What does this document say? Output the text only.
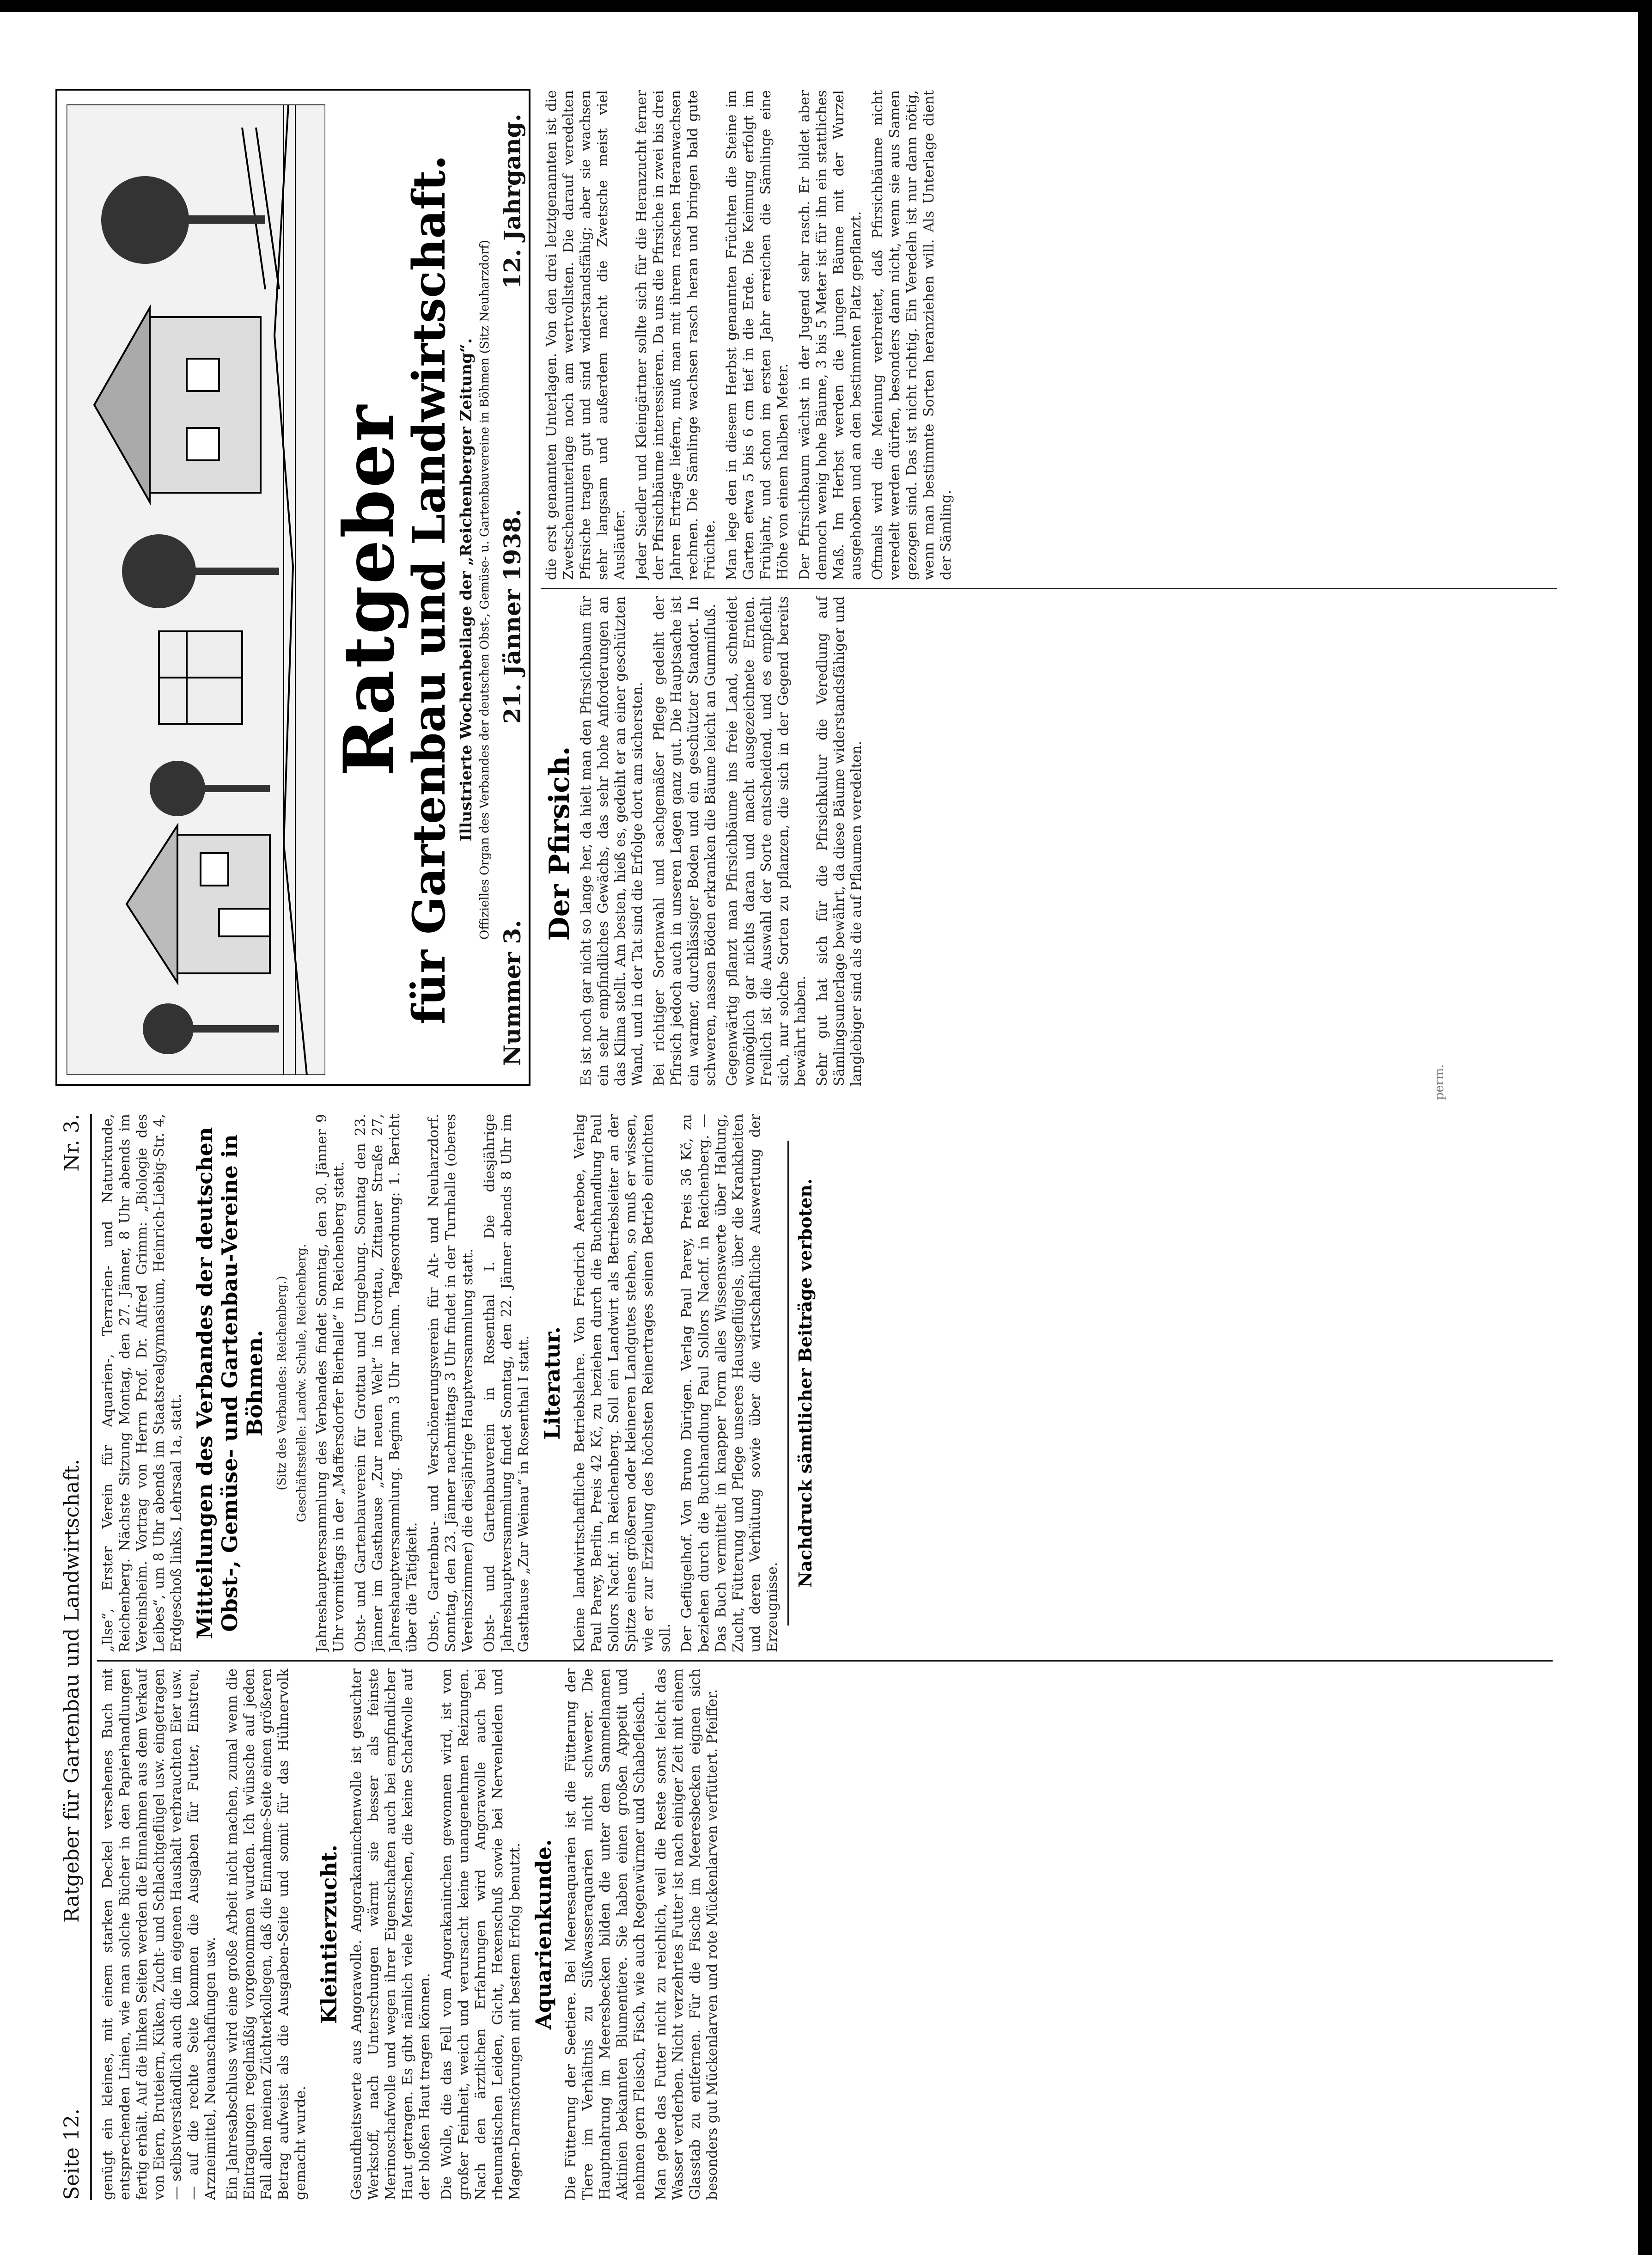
Seite 12.
Ratgeber für Gartenbau und Landwirtschaft.
Nr. 3.

genügt ein kleines, mit einem starken Deckel versehenes Buch mit entsprechenden Linien, wie man solche Bücher in den Papierhandlungen fertig erhält. Auf die linken Seiten werden die Einnahmen aus dem Verkauf von Eiern, Bruteiern, Küken, Zucht- und Schlachtgeflügel usw. eingetragen — selbstverständlich auch die im eigenen Haushalt verbrauchten Eier usw. — auf die rechte Seite kommen die Ausgaben für Futter, Einstreu, Arzneimittel, Neuanschaffungen usw. Ein Jahresabschluss wird eine große Arbeit nicht machen, zumal wenn die Eintragungen regelmäßig vorgenommen wurden. Ich wünsche auf jeden Fall allen meinen Züchterkollegen, daß die Einnahme-Seite einen größeren Betrag aufweist als die Ausgaben-Seite und somit für das Hühnervolk gemacht wurde.

Kleintierzucht. Gesundheitswerte aus Angorawolle. Angorakaninchenwolle ist gesuchter Werkstoff, nach Unterschungen wärmt sie besser als feinste Merinoschafwolle und wegen ihrer Eigenschaften auch bei empfindlicher Haut getragen. Es gibt nämlich viele Menschen, die keine Schafwolle auf der bloßen Haut tragen können. Die Wolle, die das Fell vom Angorakaninchen gewonnen wird, ist von großer Feinheit, weich und verursacht keine unangenehmen Reizungen. Nach den ärztlichen Erfahrungen wird Angorawolle auch bei rheumatischen Leiden, Gicht, Hexenschuß sowie bei Nervenleiden und Magen-Darmstörungen mit bestem Erfolg benutzt. Aquarienkunde. Die Fütterung der Seetiere. Bei Meeresaquarien ist die Fütterung der Tiere im Verhältnis zu Süßwasseraquarien nicht schwerer. Die Hauptnahrung im Meeresbecken bilden die unter dem Sammelnamen Aktinien bekannten Blumentiere. Sie haben einen großen Appetit und nehmen gern Fleisch, Fisch, wie auch Regenwürmer und Schabefleisch. Man gebe das Futter nicht zu reichlich, weil die Reste sonst leicht das Wasser verderben. Nicht verzehrtes Futter ist nach einiger Zeit mit einem Glasstab zu entfernen. Für die Fische im Meeresbecken eignen sich besonders gut Mückenlarven und rote Mückenlarven verfüttert. Pfeiffer.

„Ilse“, Erster Verein für Aquarien-, Terrarien- und Naturkunde, Reichenberg. Nächste Sitzung Montag, den 27. Jänner, 8 Uhr abends im Vereinsheim. Vortrag von Herrn Prof. Dr. Alfred Grimm: „Biologie des Leibes“, um 8 Uhr abends im Staatsrealgymnasium, Heinrich-Liebig-Str. 4, Erdgeschoß links, Lehrsaal 1a, statt. Mitteilungen des Verbandes der deutschen Obst-, Gemüse- und Gartenbau-Vereine in Böhmen. (Sitz des Verbandes: Reichenberg.) Geschäftsstelle: Landw. Schule, Reichenberg. Jahreshauptversammlung des Verbandes findet Sonntag, den 30. Jänner 9 Uhr vormittags in der „Maffersdorfer Bierhalle“ in Reichenberg statt. Obst- und Gartenbauverein für Grottau und Umgebung. Sonntag den 23. Jänner im Gasthause „Zur neuen Welt“ in Grottau, Zittauer Straße 27, Jahreshauptversammlung. Beginn 3 Uhr nachm. Tagesordnung: 1. Bericht über die Tätigkeit. Obst-, Gartenbau- und Verschönerungsverein für Alt- und Neuharzdorf. Sonntag, den 23. Jänner nachmittags 3 Uhr findet in der Turnhalle (oberes Vereinszimmer) die diesjährige Hauptversammlung statt. Obst- und Gartenbauverein in Rosenthal I. Die diesjährige Jahreshauptversammlung findet Sonntag, den 22. Jänner abends 8 Uhr im Gasthause „Zur Weinau“ in Rosenthal I statt. Literatur. Kleine landwirtschaftliche Betriebslehre. Von Friedrich Aereboe, Verlag Paul Parey, Berlin, Preis 42 Kč, zu beziehen durch die Buchhandlung Paul Sollors Nachf. in Reichenberg. Soll ein Landwirt als Betriebsleiter an der Spitze eines größeren oder kleineren Landgutes stehen, so muß er wissen, wie er zur Erzielung des höchsten Reinertrages seinen Betrieb einrichten soll. Der Geflügelhof. Von Bruno Dürigen. Verlag Paul Parey, Preis 36 Kč, zu beziehen durch die Buchhandlung Paul Sollors Nachf. in Reichenberg. — Das Buch vermittelt in knapper Form alles Wissenswerte über Haltung, Zucht, Fütterung und Pflege unseres Hausgeflügels, über die Krankheiten und deren Verhütung sowie über die wirtschaftliche Auswertung der Erzeugnisse.

Nachdruck sämtlicher Beiträge verboten.
perm.
Ratgeber
für Gartenbau und Landwirtschaft. Illustrierte Wochenbeilage der „Reichenberger Zeitung“. Offizielles Organ des Verbandes der deutschen Obst-, Gemüse- u. Gartenbauvereine in Böhmen (Sitz Neuharzdorf)
Nummer 3.
21. Jänner 1938.
12. Jahrgang.
Der Pfirsich. Es ist noch gar nicht so lange her, da hielt man den Pfirsichbaum für ein sehr empfindliches Gewächs, das sehr hohe Anforderungen an das Klima stellt. Am besten, hieß es, gedeiht er an einer geschützten Wand, und in der Tat sind die Erfolge dort am sichersten. Bei richtiger Sortenwahl und sachgemäßer Pflege gedeiht der Pfirsich jedoch auch in unseren Lagen ganz gut. Die Hauptsache ist ein warmer, durchlässiger Boden und ein geschützter Standort. In schweren, nassen Böden erkranken die Bäume leicht an Gummifluß. Gegenwärtig pflanzt man Pfirsichbäume ins freie Land, schneidet womöglich gar nichts daran und macht ausgezeichnete Ernten. Freilich ist die Auswahl der Sorte entscheidend, und es empfiehlt sich, nur solche Sorten zu pflanzen, die sich in der Gegend bereits bewährt haben. Sehr gut hat sich für die Pfirsichkultur die Veredlung auf Sämlingsunterlage bewährt, da diese Bäume widerstandsfähiger und langlebiger sind als die auf Pflaumen veredelten.

die erst genannten Unterlagen. Von den drei letztgenannten ist die Zwetschenunterlage noch am wertvollsten. Die darauf veredelten Pfirsiche tragen gut und sind widerstandsfähig; aber sie wachsen sehr langsam und außerdem macht die Zwetsche meist viel Ausläufer. Jeder Siedler und Kleingärtner sollte sich für die Heranzucht ferner der Pfirsichbäume interessieren. Da uns die Pfirsiche in zwei bis drei Jahren Erträge liefern, muß man mit ihrem raschen Heranwachsen rechnen. Die Sämlinge wachsen rasch heran und bringen bald gute Früchte. Man lege den in diesem Herbst genannten Früchten die Steine im Garten etwa 5 bis 6 cm tief in die Erde. Die Keimung erfolgt im Frühjahr, und schon im ersten Jahr erreichen die Sämlinge eine Höhe von einem halben Meter. Der Pfirsichbaum wächst in der Jugend sehr rasch. Er bildet aber dennoch wenig hohe Bäume, 3 bis 5 Meter ist für ihn ein stattliches Maß. Im Herbst werden die jungen Bäume mit der Wurzel ausgehoben und an den bestimmten Platz gepflanzt. Oftmals wird die Meinung verbreitet, daß Pfirsichbäume nicht veredelt werden dürfen, besonders dann nicht, wenn sie aus Samen gezogen sind. Das ist nicht richtig. Ein Veredeln ist nur dann nötig, wenn man bestimmte Sorten heranziehen will. Als Unterlage dient der Sämling.
